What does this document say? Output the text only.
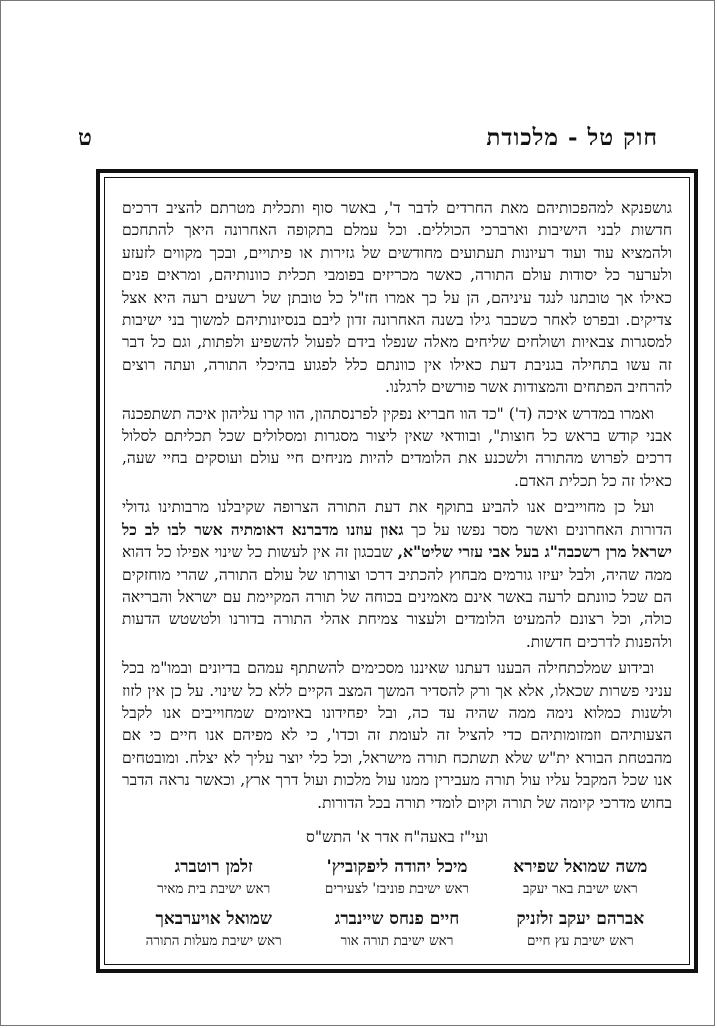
חוק טל - מלכודת
ט

גושפנקא למהפכותיהם מאת החרדים לדבר ד', באשר סוף ותכלית מטרתם להציב דרכים חדשות לבני הישיבות וארברכי הכוללים. וכל עמלם בתקופה האחרונה היאך להתחכם ולהמציא עוד ועוד רעיונות תעתועים מחודשים של גזירות או פיתויים, ובכך מקווים לזעזע ולערער כל יסודות עולם התורה, כאשר מכריזים בפומבי תכלית כוונותיהם, ומראים פנים כאילו אך טובתנו לנגד עיניהם, הן על כך אמרו חז"ל כל טובתן של רשעים רעה היא אצל צדיקים. ובפרט לאחר כשכבר גילו בשנה האחרונה זדון ליבם בנסיונותיהם למשוך בני ישיבות למסגרות צבאיות ושולחים שליחים מאלה שנפלו בידם לפעול להשפיע ולפתות, וגם כל דבר זה עשו בתחילה בגניבת דעת כאילו אין כוונתם כלל לפגוע בהיכלי התורה, ועתה רוצים להרחיב הפתחים והמצודות אשר פורשים לרגלנו.

ואמרו במדרש איכה (ד') "כד הוו חבריא נפקין לפרנסתהון, הוו קרו עליהון איכה תשתפכנה אבני קודש בראש כל חוצות", ובוודאי שאין ליצור מסגרות ומסלולים שכל תכליתם לסלול דרכים לפרוש מהתורה ולשכנע את הלומדים להיות מניחים חיי עולם ועוסקים בחיי שעה, כאילו זה כל תכלית האדם.

ועל כן מחוייבים אנו להביע בתוקף את דעת התורה הצרופה שקיבלנו מרבותינו גדולי הדורות האחרונים ואשר מסר נפשו על כך גאון עוזנו מדברנא דאומתיה אשר לבו לב כל ישראל מרן רשכבה"ג בעל אבי עזרי שליט"א, שבכגון זה אין לעשות כל שינוי אפילו כל דהוא ממה שהיה, ולבל יעיזו גורמים מבחוץ להכתיב דרכו וצורתו של עולם התורה, שהרי מוחזקים הם שכל כוונתם לרעה באשר אינם מאמינים בכוחה של תורה המקיימת עם ישראל והבריאה כולה, וכל רצונם להמעיט הלומדים ולעצור צמיחת אהלי התורה בדורנו ולטשטש הדעות ולהפנות לדרכים חדשות.

ובידוע שמלכתחילה הבענו דעתנו שאיננו מסכימים להשתתף עמהם בדיונים ובמו"מ בכל עניני פשרות שכאלו, אלא אך ורק להסדיר המשך המצב הקיים ללא כל שינוי. על כן אין לזוז ולשנות כמלוא נימה ממה שהיה עד כה, ובל יפחידונו באיומים שמחוייבים אנו לקבל הצעותיהם וזמזומותיהם כדי להציל זה לעומת זה וכדו', כי לא מפיהם אנו חיים כי אם מהבטחת הבורא ית"ש שלא תשתכח תורה מישראל, וכל כלי יוצר עליך לא יצלח. ומובטחים אנו שכל המקבל עליו עול תורה מעבירין ממנו עול מלכות ועול דרך ארץ, וכאשר נראה הדבר בחוש מדרכי קיומה של תורה וקיום לומדי תורה בכל הדורות.

ועי"ז באעה"ח אדר א' התש"ס
משה שמואל שפירא
ראש ישיבת באר יעקב
מיכל יהודה ליפקוביץ'
ראש ישיבת פוניבז' לצעירים
זלמן רוטברג
ראש ישיבת בית מאיר
אברהם יעקב זלזניק
ראש ישיבת עץ חיים
חיים פנחס שיינברג
ראש ישיבת תורה אור
שמואל אויערבאך
ראש ישיבת מעלות התורה
